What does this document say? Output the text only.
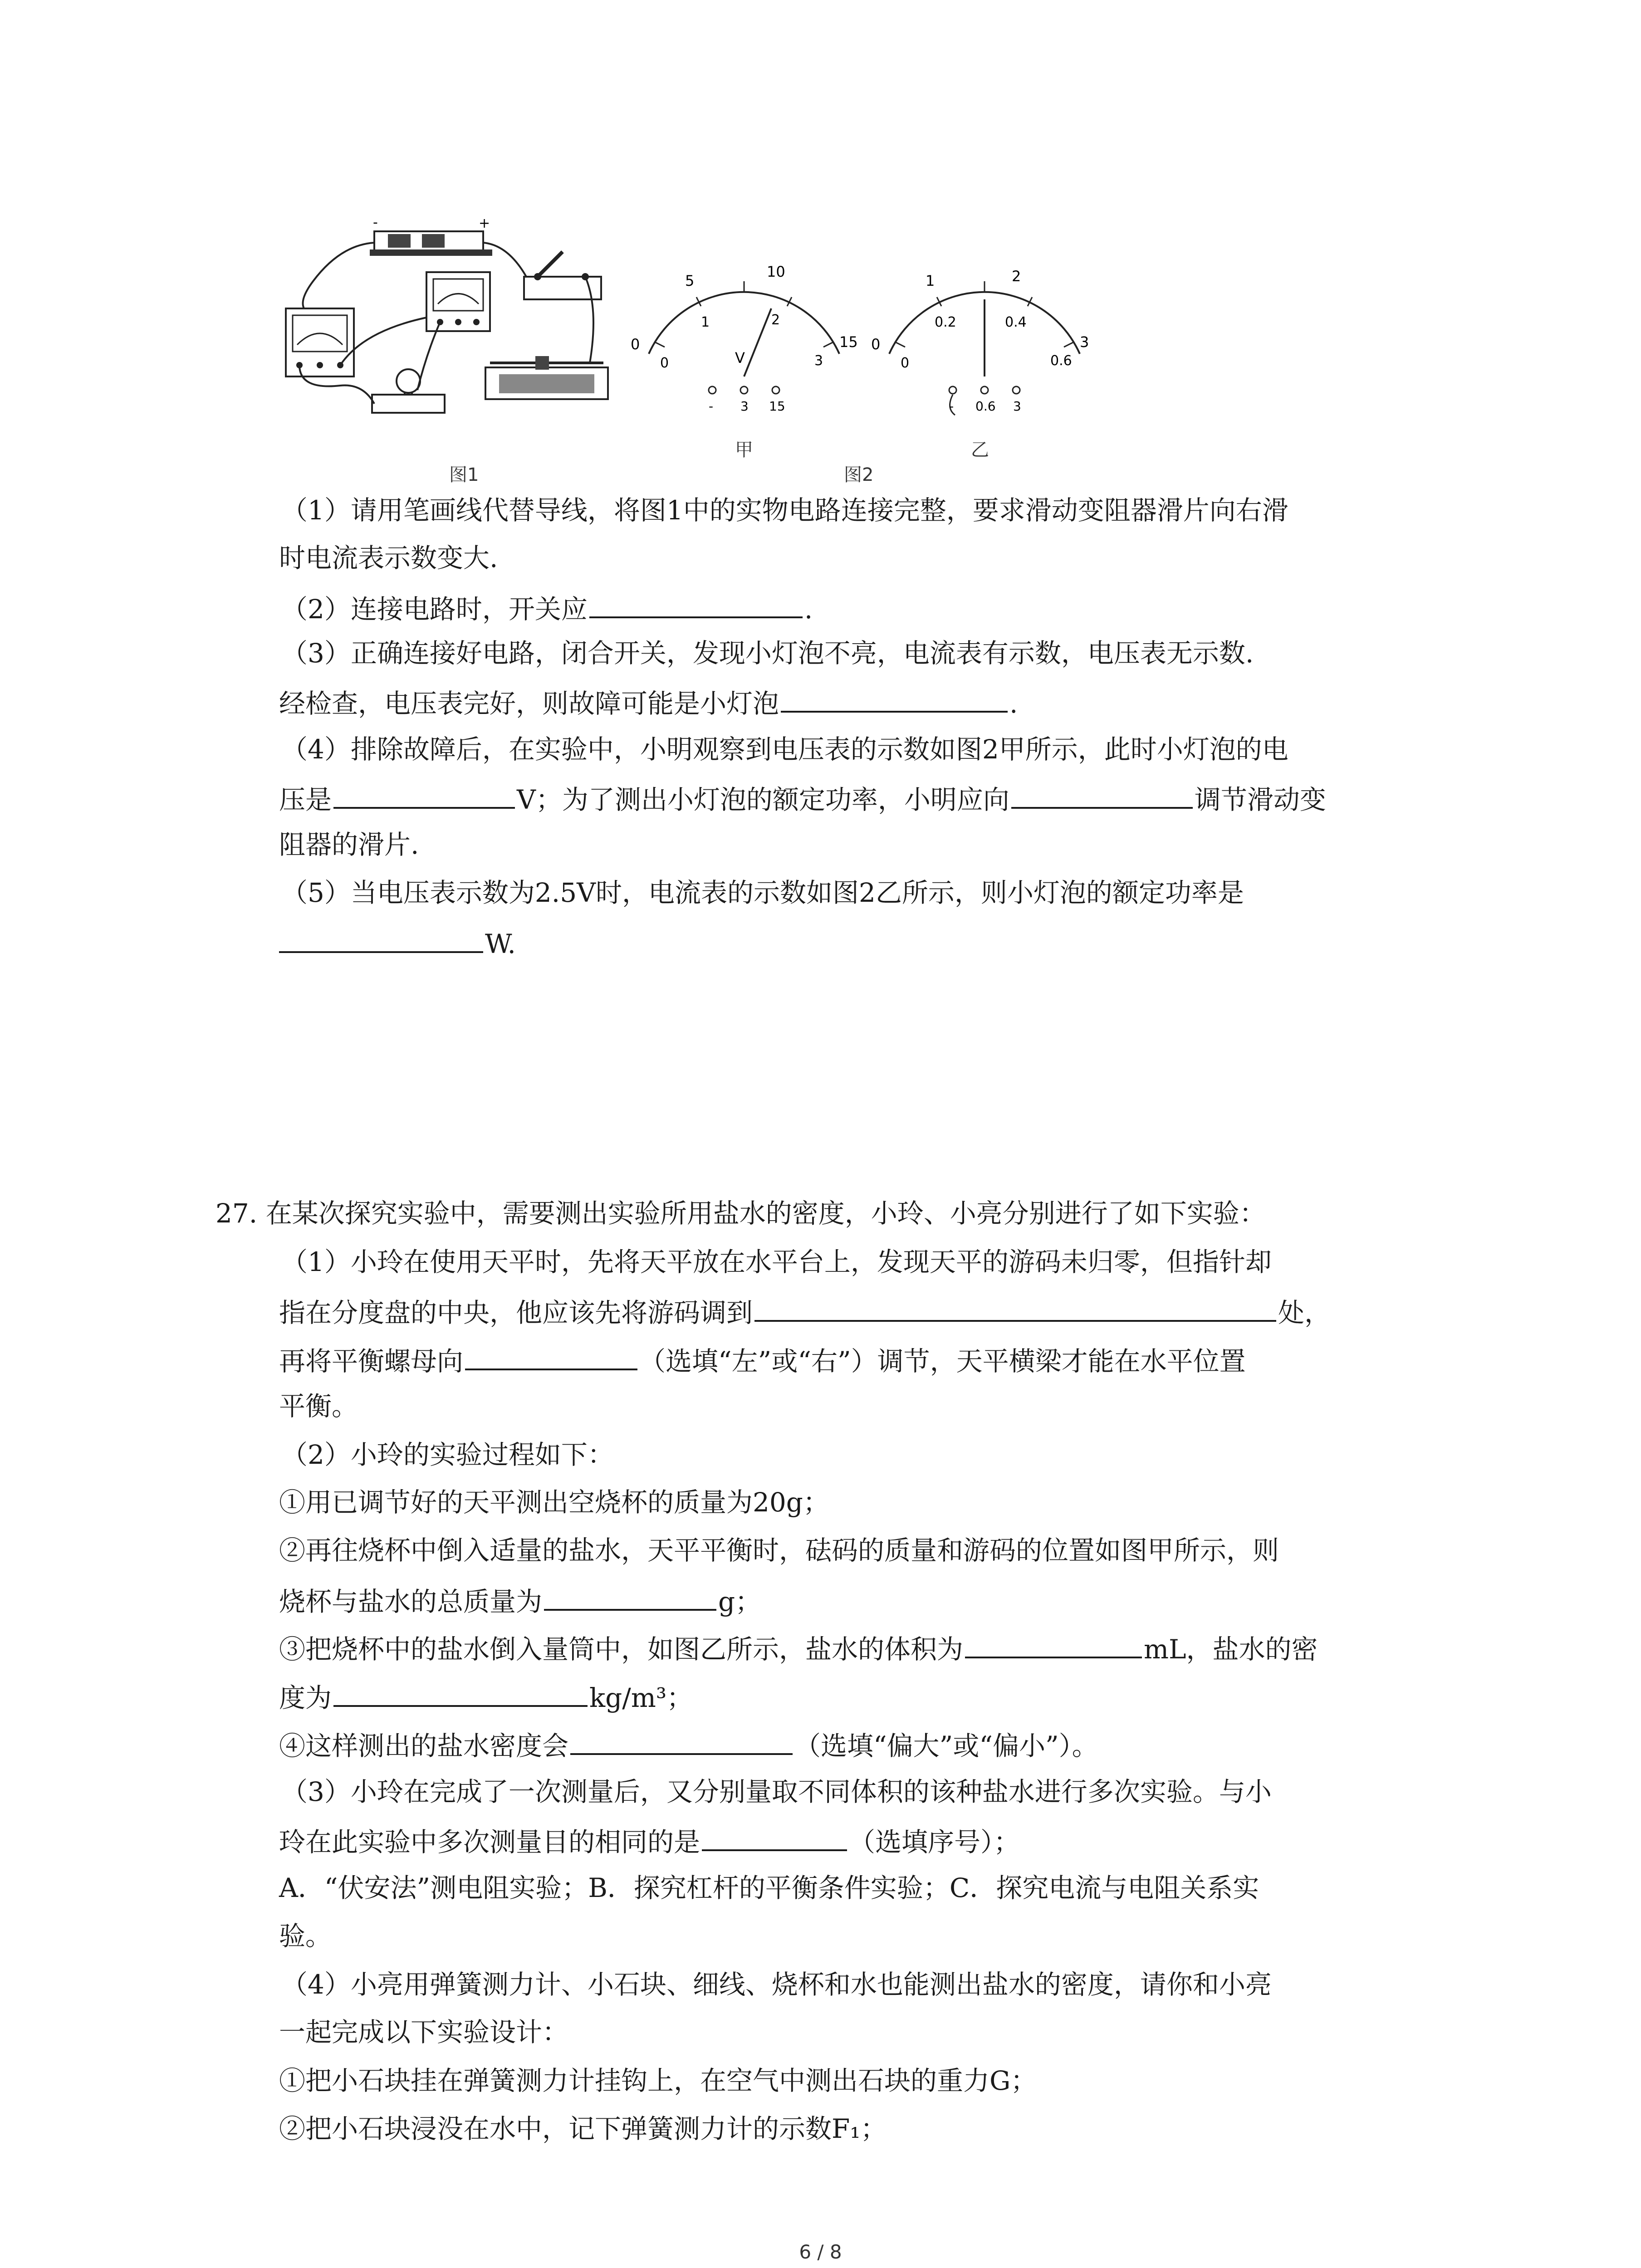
-	+
图1
0
5
10
15
0
1	2
3
V
- 3 15
甲
0
1	2
3
0
0.2	0.4
0.6
- 0.6 3
乙
图2
（1）请用笔画线代替导线，将图1中的实物电路连接完整，要求滑动变阻器滑片向右滑
时电流表示数变大.
（2）连接电路时，开关应	.
（3）正确连接好电路，闭合开关，发现小灯泡不亮，电流表有示数，电压表无示数.
经检查，电压表完好，则故障可能是小灯泡	.
（4）排除故障后，在实验中，小明观察到电压表的示数如图2甲所示，此时小灯泡的电
压是	V；为了测出小灯泡的额定功率，小明应向	调节滑动变
阻器的滑片.
（5）当电压表示数为2.5V时，电流表的示数如图2乙所示，则小灯泡的额定功率是
W.
27. 在某次探究实验中，需要测出实验所用盐水的密度，小玲、小亮分别进行了如下实验：
（1）小玲在使用天平时，先将天平放在水平台上，发现天平的游码未归零，但指针却
指在分度盘的中央，他应该先将游码调到	处，
再将平衡螺母向	（选填“左”或“右”）调节，天平横梁才能在水平位置
平衡。
（2）小玲的实验过程如下：
①用已调节好的天平测出空烧杯的质量为20g；
②再往烧杯中倒入适量的盐水，天平平衡时，砝码的质量和游码的位置如图甲所示，则
烧杯与盐水的总质量为	g；
③把烧杯中的盐水倒入量筒中，如图乙所示，盐水的体积为	mL，盐水的密
度为	kg/m³；
④这样测出的盐水密度会	（选填“偏大”或“偏小”）。
（3）小玲在完成了一次测量后，又分别量取不同体积的该种盐水进行多次实验。与小
玲在此实验中多次测量目的相同的是	（选填序号）；
A．“伏安法”测电阻实验；B．探究杠杆的平衡条件实验；C．探究电流与电阻关系实
验。
（4）小亮用弹簧测力计、小石块、细线、烧杯和水也能测出盐水的密度，请你和小亮
一起完成以下实验设计：
①把小石块挂在弹簧测力计挂钩上，在空气中测出石块的重力G；
②把小石块浸没在水中，记下弹簧测力计的示数F₁；
6 / 8
